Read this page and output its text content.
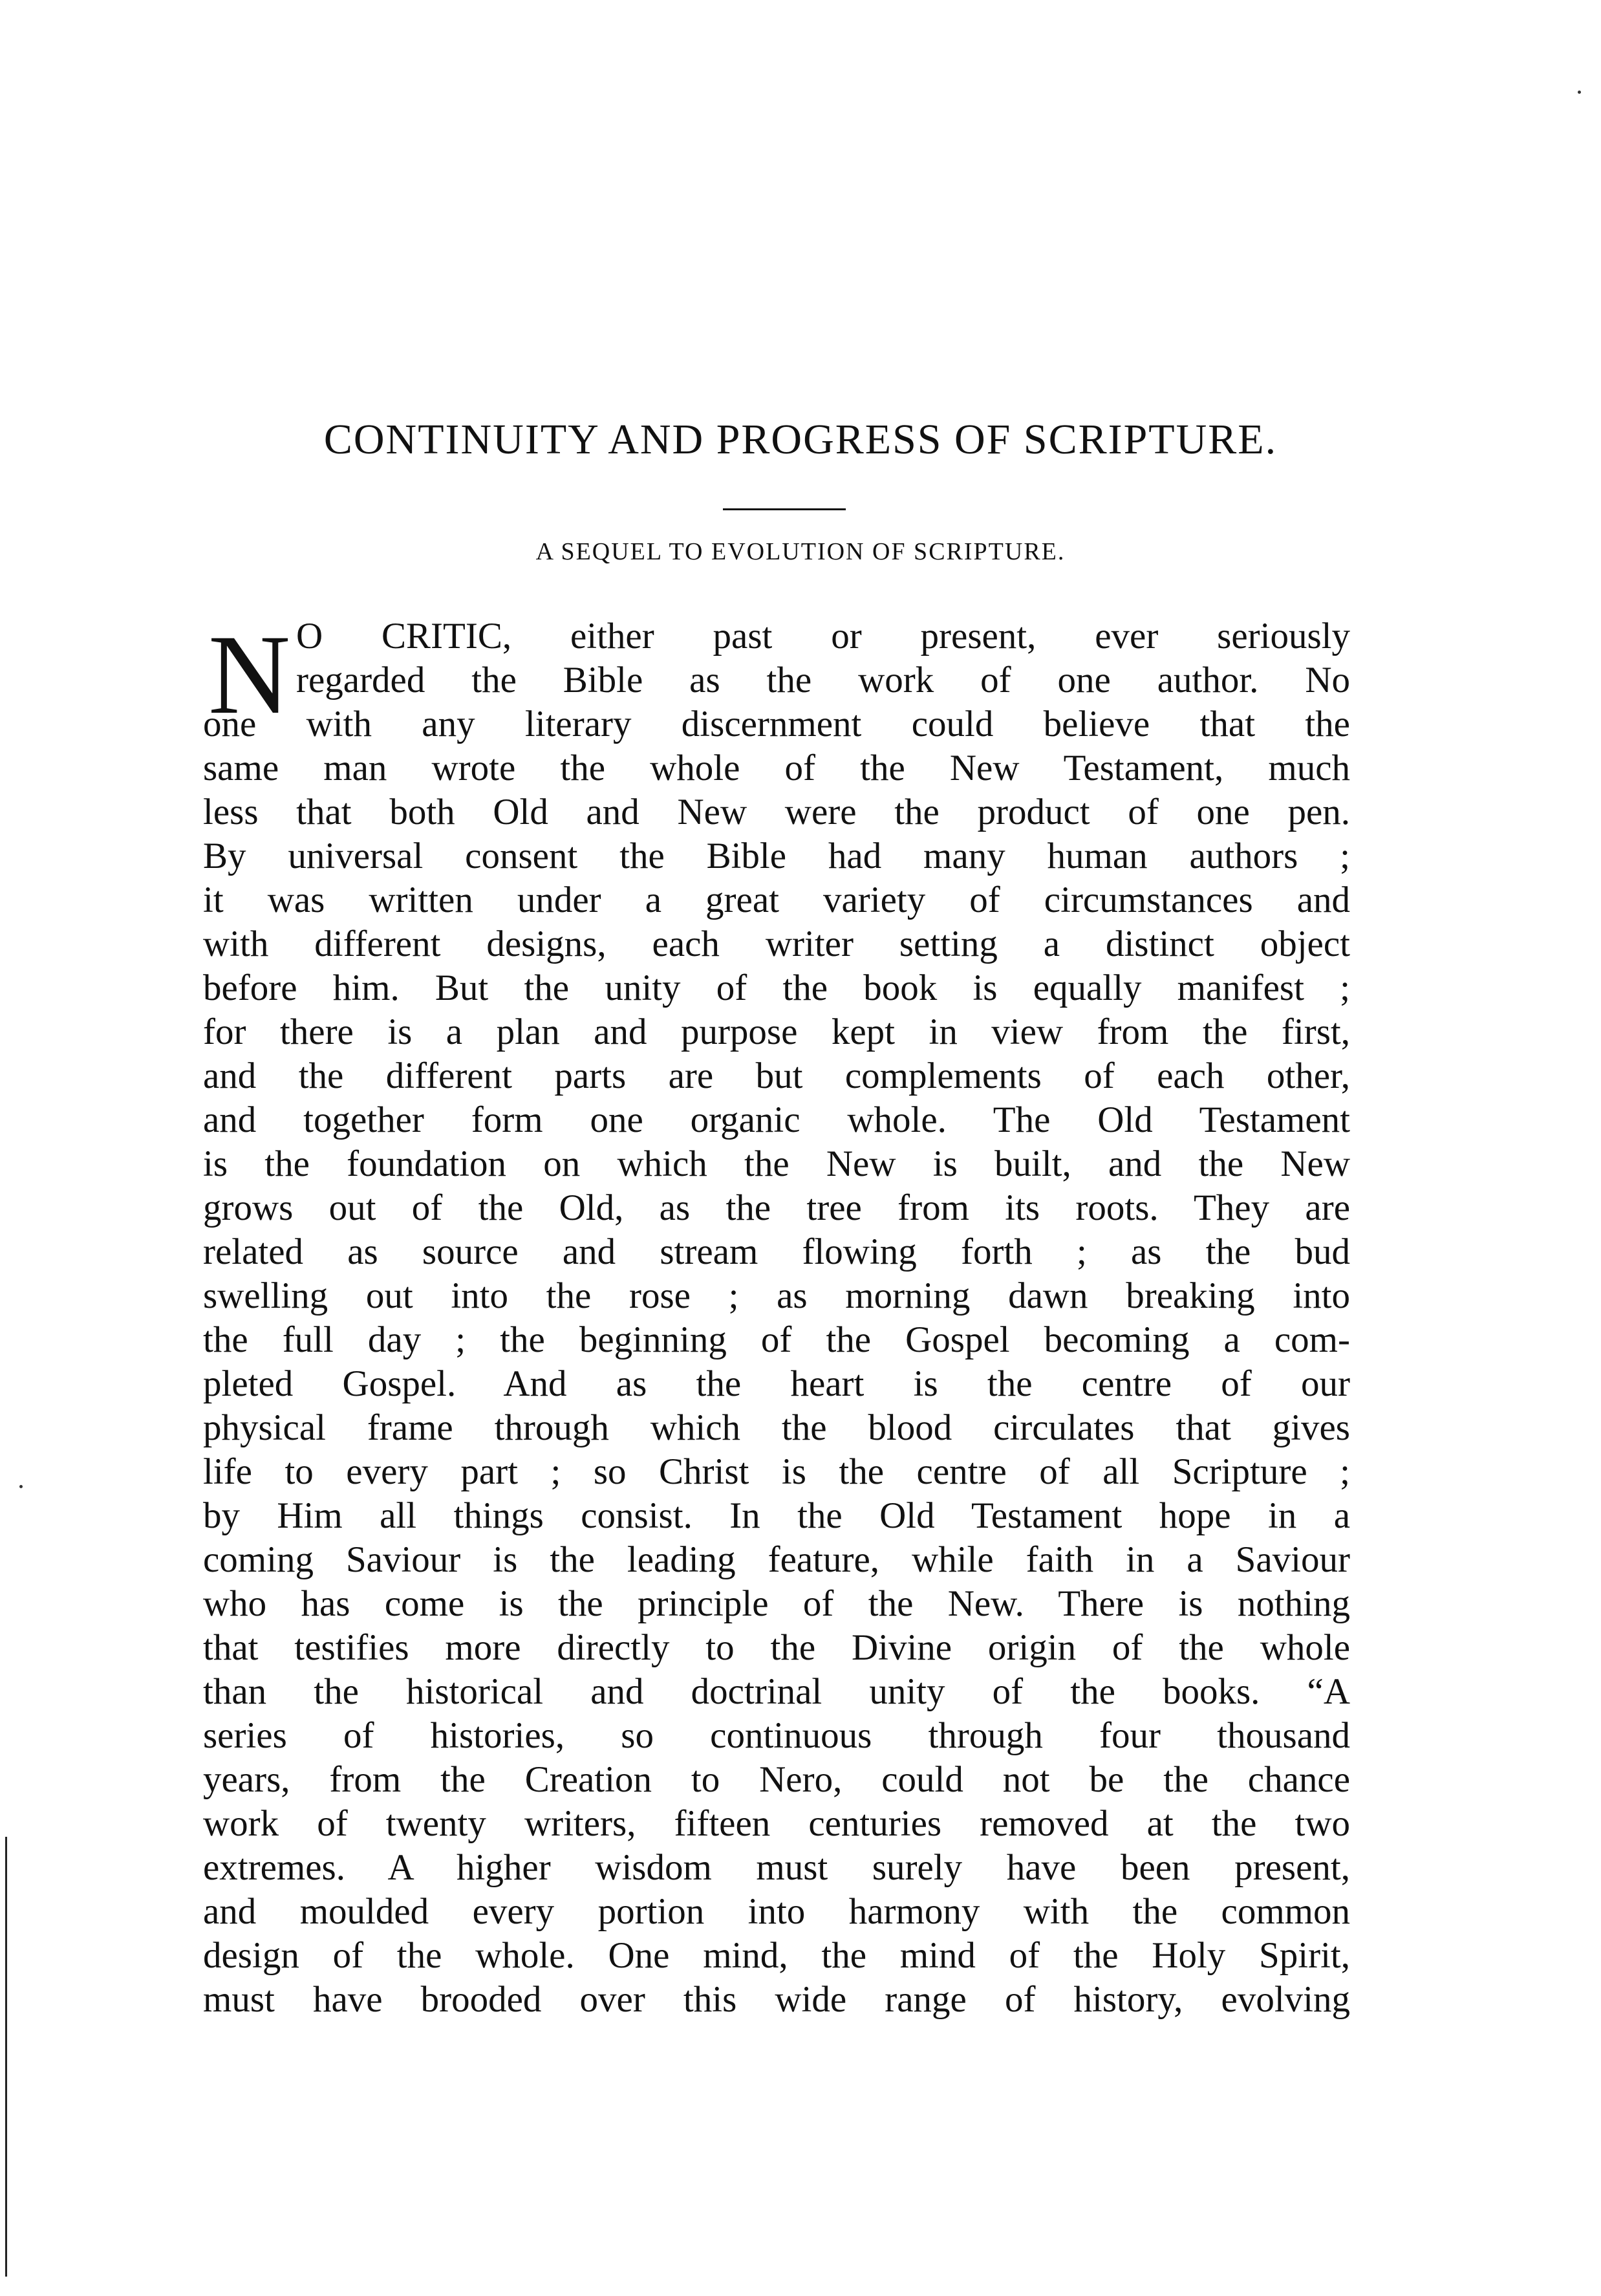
CONTINUITY AND PROGRESS OF SCRIPTURE.
A SEQUEL TO EVOLUTION OF SCRIPTURE.
N O CRITIC, either past or present, ever seriously
regarded the Bible as the work of one author. No
one with any literary discernment could believe that the
same man wrote the whole of the New Testament, much
less that both Old and New were the product of one pen.
By universal consent the Bible had many human authors ;
it was written under a great variety of circumstances and
with different designs, each writer setting a distinct object
before him. But the unity of the book is equally manifest ;
for there is a plan and purpose kept in view from the first,
and the different parts are but complements of each other,
and together form one organic whole. The Old Testament
is the foundation on which the New is built, and the New
grows out of the Old, as the tree from its roots. They are
related as source and stream flowing forth ; as the bud
swelling out into the rose ; as morning dawn breaking into
the full day ; the beginning of the Gospel becoming a com-
pleted Gospel. And as the heart is the centre of our
physical frame through which the blood circulates that gives
life to every part ; so Christ is the centre of all Scripture ;
by Him all things consist. In the Old Testament hope in a
coming Saviour is the leading feature, while faith in a Saviour
who has come is the principle of the New. There is nothing
that testifies more directly to the Divine origin of the whole
than the historical and doctrinal unity of the books. “A
series of histories, so continuous through four thousand
years, from the Creation to Nero, could not be the chance
work of twenty writers, fifteen centuries removed at the two
extremes. A higher wisdom must surely have been present,
and moulded every portion into harmony with the common
design of the whole. One mind, the mind of the Holy Spirit,
must have brooded over this wide range of history, evolving
